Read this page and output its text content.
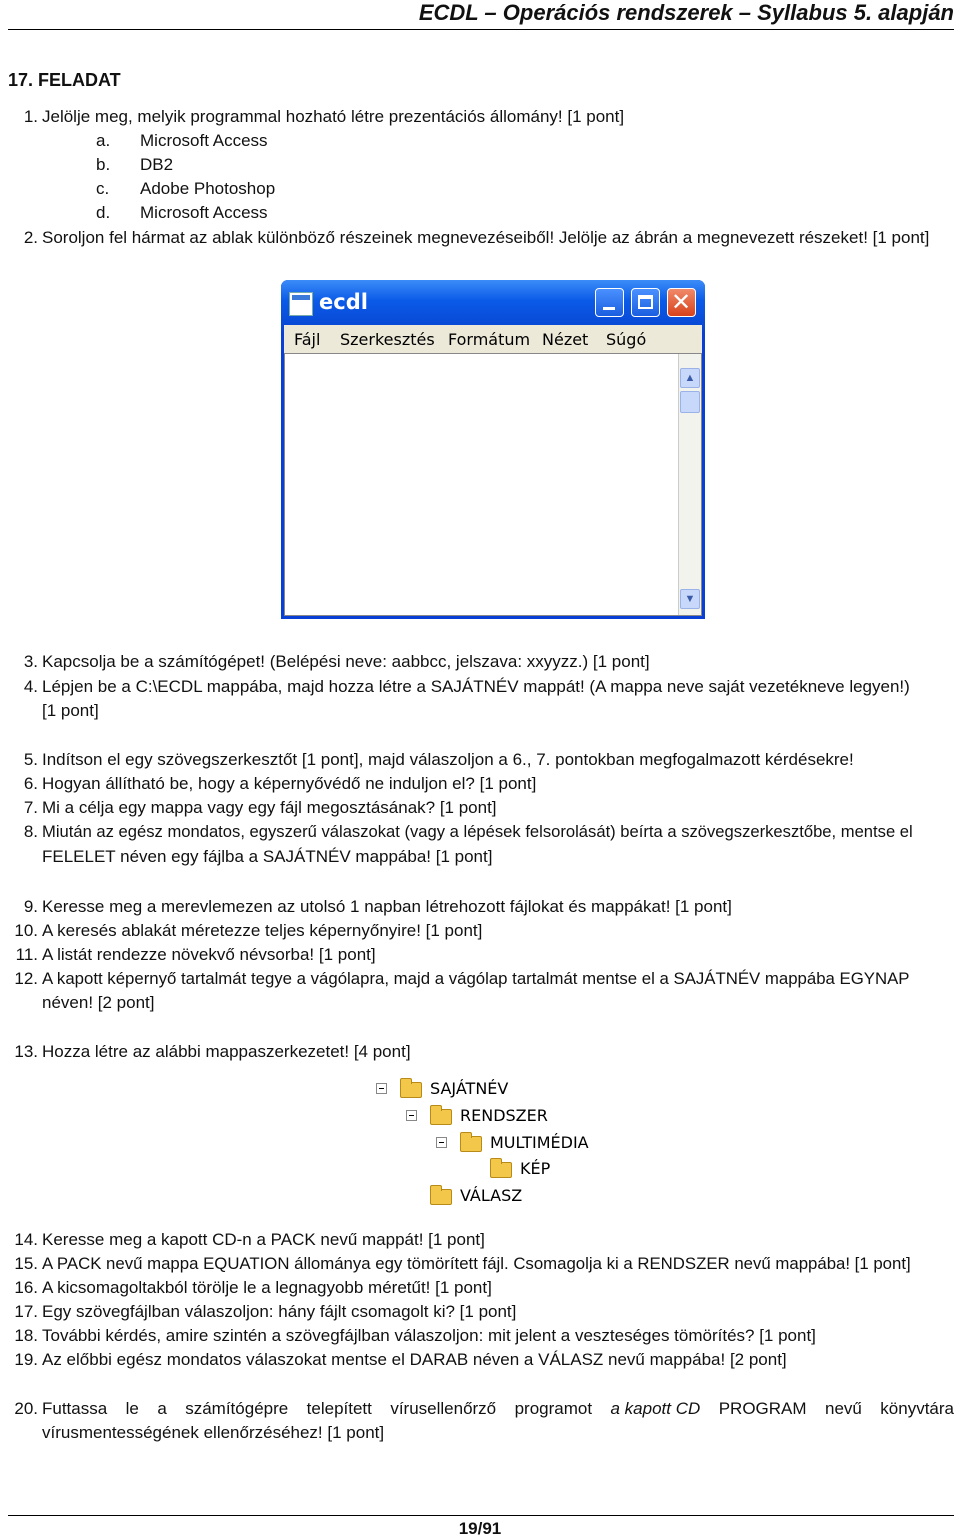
ECDL – Operációs rendszerek – Syllabus 5. alapján
17. FELADAT
1. Jelölje meg, melyik programmal hozható létre prezentációs állomány! [1 pont]
a.	Microsoft Access
b.	DB2
c.	Adobe Photoshop
d.	Microsoft Access
2. Soroljon fel hármat az ablak különböző részeinek megnevezéseiből! Jelölje az ábrán a megnevezett részeket! [1 pont]
ecdl	✕
Fájl Szerkesztés Formátum Nézet Súgó
▲
▼
3. Kapcsolja be a számítógépet! (Belépési neve: aabbcc, jelszava: xxyyzz.) [1 pont]
4. Lépjen be a C:\ECDL mappába, majd hozza létre a SAJÁTNÉV mappát! (A mappa neve saját vezetékneve legyen!)
[1 pont]
5. Indítson el egy szövegszerkesztőt [1 pont], majd válaszoljon a 6., 7. pontokban megfogalmazott kérdésekre!
6. Hogyan állítható be, hogy a képernyővédő ne induljon el? [1 pont]
7. Mi a célja egy mappa vagy egy fájl megosztásának? [1 pont]
8. Miután az egész mondatos, egyszerű válaszokat (vagy a lépések felsorolását) beírta a szövegszerkesztőbe, mentse el
FELELET néven egy fájlba a SAJÁTNÉV mappába! [1 pont]
9. Keresse meg a merevlemezen az utolsó 1 napban létrehozott fájlokat és mappákat! [1 pont]
10. A keresés ablakát méretezze teljes képernyőnyire! [1 pont]
11. A listát rendezze növekvő névsorba! [1 pont]
12. A kapott képernyő tartalmát tegye a vágólapra, majd a vágólap tartalmát mentse el a SAJÁTNÉV mappába EGYNAP
néven! [2 pont]
13. Hozza létre az alábbi mappaszerkezetet! [4 pont]
SAJÁTNÉV
RENDSZER
MULTIMÉDIA
KÉP
VÁLASZ
14. Keresse meg a kapott CD-n a PACK nevű mappát! [1 pont]
15. A PACK nevű mappa EQUATION állománya egy tömörített fájl. Csomagolja ki a RENDSZER nevű mappába! [1 pont]
16. A kicsomagoltakból törölje le a legnagyobb méretűt! [1 pont]
17. Egy szövegfájlban válaszoljon: hány fájlt csomagolt ki? [1 pont]
18. További kérdés, amire szintén a szövegfájlban válaszoljon: mit jelent a veszteséges tömörítés? [1 pont]
19. Az előbbi egész mondatos válaszokat mentse el DARAB néven a VÁLASZ nevű mappába! [2 pont]
20. Futtassa le a számítógépre telepített vírusellenőrző programot a kapott CD PROGRAM nevű könyvtára
vírusmentességének ellenőrzéséhez! [1 pont]
19/91
